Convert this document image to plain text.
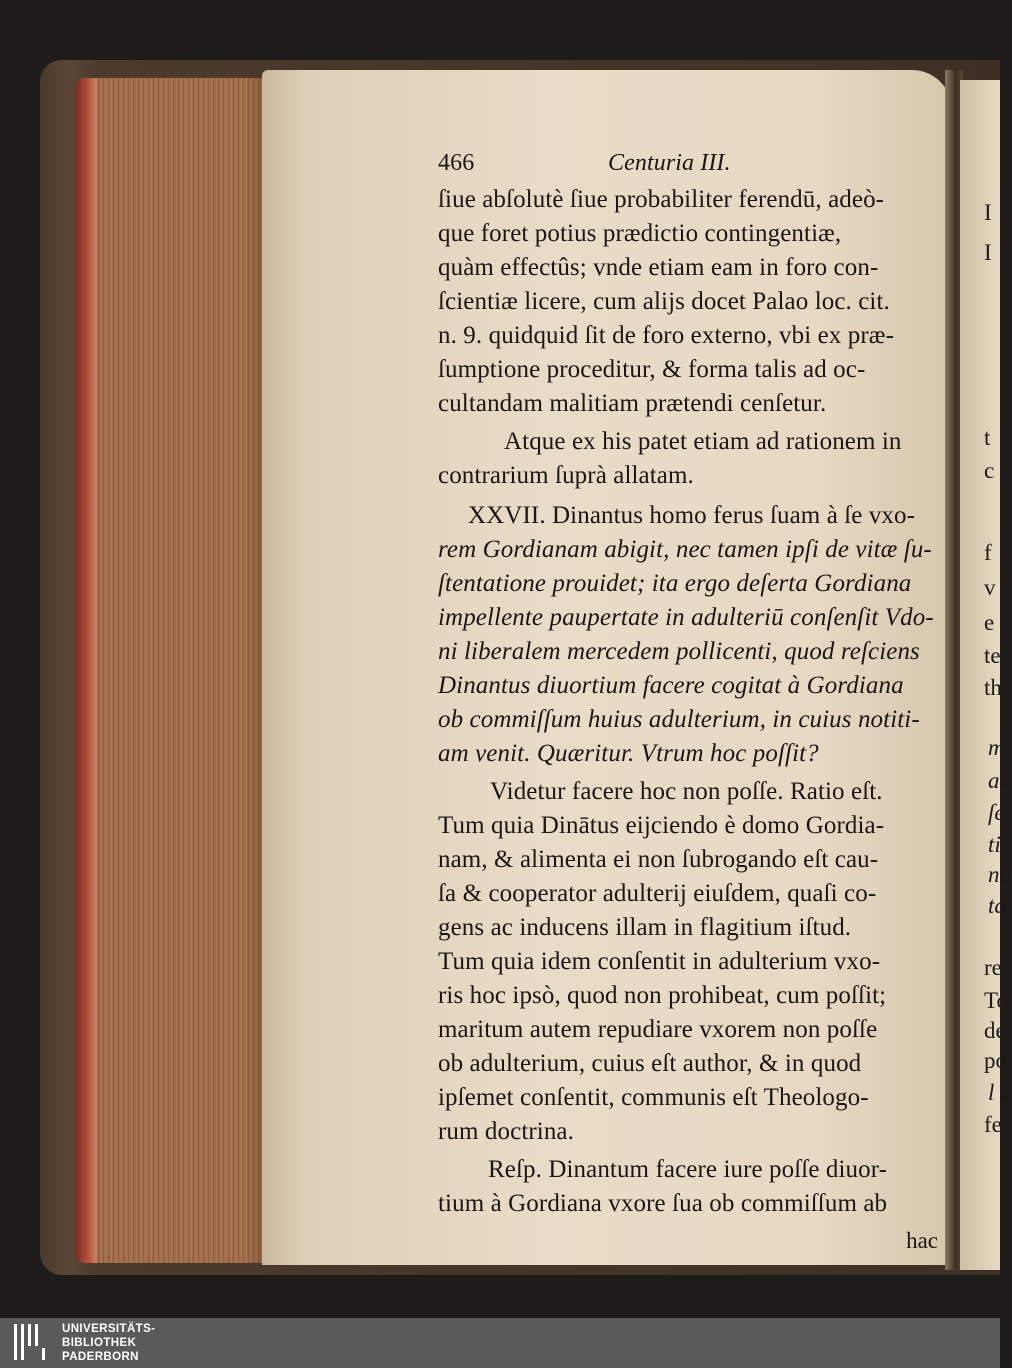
I
I
t
c
f
v
e
te
th
m
ac
ſe
ti
no
ta
re
To
de
po
l 2
fe
466	Centuria III.
ſiue abſolutè ſiue probabiliter ferendū, adeò-
que foret potius prædictio contingentiæ,
quàm effectûs; vnde etiam eam in foro con-
ſcientiæ licere, cum alijs docet Palao loc. cit.
n. 9. quidquid ſit de foro externo, vbi ex præ-
ſumptione proceditur, & forma talis ad oc-
cultandam malitiam prætendi cenſetur.
Atque ex his patet etiam ad rationem in
contrarium ſuprà allatam.
XXVII. Dinantus homo ferus ſuam à ſe vxo-
rem Gordianam abigit, nec tamen ipſi de vitæ ſu-
ſtentatione prouidet; ita ergo deſerta Gordiana
impellente paupertate in adulteriū conſenſit Vdo-
ni liberalem mercedem pollicenti, quod reſciens
Dinantus diuortium facere cogitat à Gordiana
ob commiſſum huius adulterium, in cuius notiti-
am venit. Quæritur. Vtrum hoc poſſit?
Videtur facere hoc non poſſe. Ratio eſt.
Tum quia Dinātus eijciendo è domo Gordia-
nam, & alimenta ei non ſubrogando eſt cau-
ſa & cooperator adulterij eiuſdem, quaſi co-
gens ac inducens illam in flagitium iſtud.
Tum quia idem conſentit in adulterium vxo-
ris hoc ipsò, quod non prohibeat, cum poſſit;
maritum autem repudiare vxorem non poſſe
ob adulterium, cuius eſt author, & in quod
ipſemet conſentit, communis eſt Theologo-
rum doctrina.
Reſp. Dinantum facere iure poſſe diuor-
tium à Gordiana vxore ſua ob commiſſum ab
hac
UNIVERSITÄTS-
BIBLIOTHEK
PADERBORN
